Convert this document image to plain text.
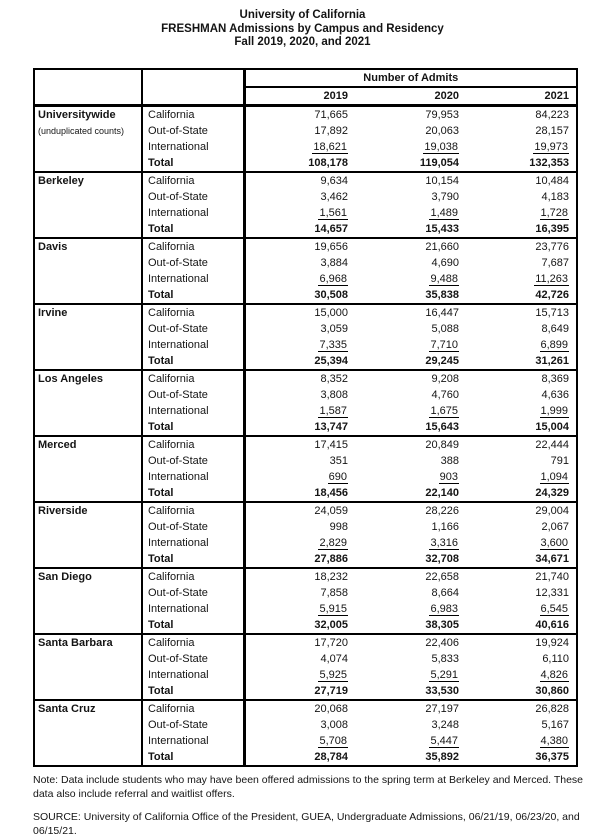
University of California
FRESHMAN Admissions by Campus and Residency
Fall 2019, 2020, and 2021
		Number of Admits		
		2019	2020	2021

Universitywide
(unduplicated counts)	California	71,665	79,953	84,223
	Out-of-State	17,892	20,063	28,157
	International	18,621	19,038	19,973
	Total	108,178	119,054	132,353

Berkeley	California	9,634	10,154	10,484
	Out-of-State	3,462	3,790	4,183
	International	1,561	1,489	1,728
	Total	14,657	15,433	16,395

Davis	California	19,656	21,660	23,776
	Out-of-State	3,884	4,690	7,687
	International	6,968	9,488	11,263
	Total	30,508	35,838	42,726

Irvine	California	15,000	16,447	15,713
	Out-of-State	3,059	5,088	8,649
	International	7,335	7,710	6,899
	Total	25,394	29,245	31,261

Los Angeles	California	8,352	9,208	8,369
	Out-of-State	3,808	4,760	4,636
	International	1,587	1,675	1,999
	Total	13,747	15,643	15,004

Merced	California	17,415	20,849	22,444
	Out-of-State	351	388	791
	International	690	903	1,094
	Total	18,456	22,140	24,329

Riverside	California	24,059	28,226	29,004
	Out-of-State	998	1,166	2,067
	International	2,829	3,316	3,600
	Total	27,886	32,708	34,671

San Diego	California	18,232	22,658	21,740
	Out-of-State	7,858	8,664	12,331
	International	5,915	6,983	6,545
	Total	32,005	38,305	40,616

Santa Barbara	California	17,720	22,406	19,924
	Out-of-State	4,074	5,833	6,110
	International	5,925	5,291	4,826
	Total	27,719	33,530	30,860

Santa Cruz	California	20,068	27,197	26,828
	Out-of-State	3,008	3,248	5,167
	International	5,708	5,447	4,380
	Total	28,784	35,892	36,375
Note: Data include students who may have been offered admissions to the spring term at Berkeley and Merced. These data also include referral and waitlist offers.
SOURCE: University of California Office of the President, GUEA, Undergraduate Admissions, 06/21/19, 06/23/20, and 06/15/21.
